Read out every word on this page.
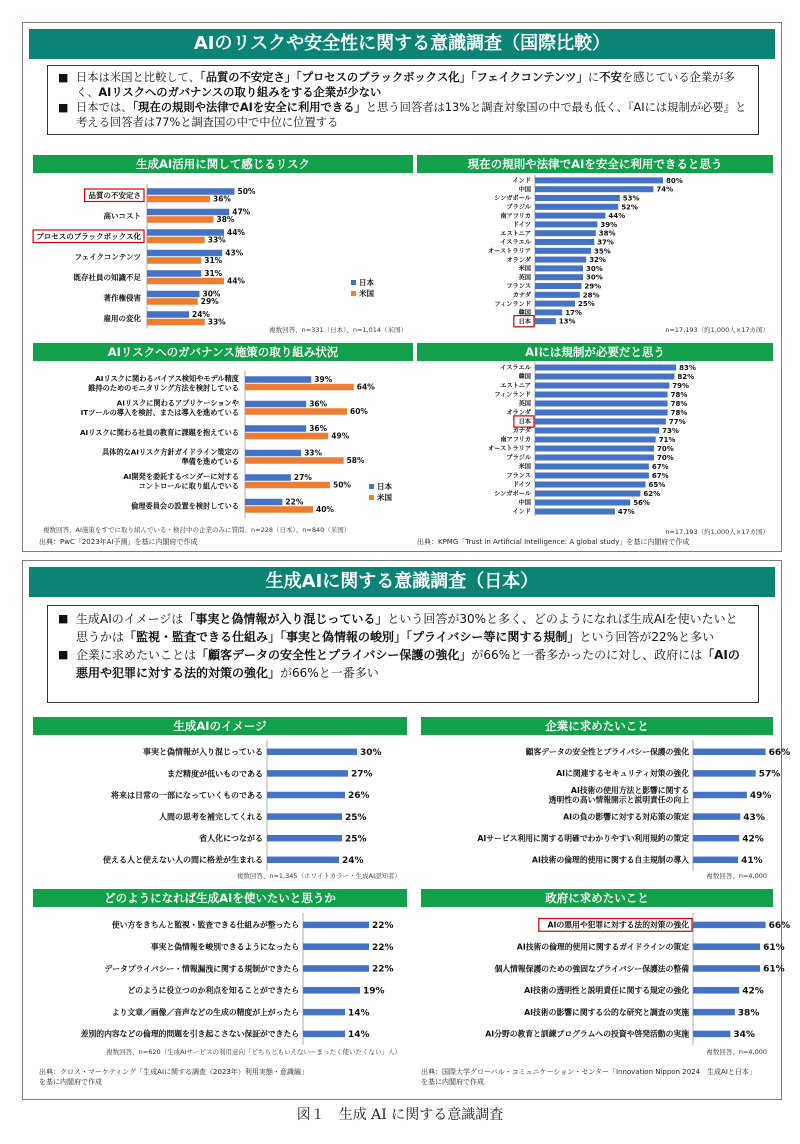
AIのリスクや安全性に関する意識調査（国際比較）
■ 日本は米国と比較して、「品質の不安定さ」「プロセスのブラックボックス化」「フェイクコンテンツ」に不安を感じている企業が多く、AIリスクへのガバナンスの取り組みをする企業が少ない
■ 日本では、「現在の規則や法律でAIを安全に利用できる」と思う回答者は13%と調査対象国の中で最も低く、『AIには規制が必要』と考える回答者は77%と調査国の中で中位に位置する
生成AI活用に関して感じるリスク
品質の不安定さ	50%
36%
高いコスト	47%
38%
プロセスのブラックボックス化	44%
33%
フェイクコンテンツ	43%
31%
既存社員の知識不足	31%
44%
著作権侵害	30%
29%
雇用の変化	24%
33%
日本
米国
複数回答、n=331（日本）、n=1,014（米国）
現在の規則や法律でAIを安全に利用できると思う
インド	80%
中国	74%
シンガポール	53%
ブラジル	52%
南アフリカ	44%
ドイツ	39%
エストニア	38%
イスラエル	37%
オーストラリア	35%
オランダ	32%
米国	30%
英国	30%
フランス	29%
カナダ	28%
フィンランド	25%
韓国	17%
日本	13%
n=17,193（約1,000人×17カ国）
AIリスクへのガバナンス施策の取り組み状況
AIリスクに関わるバイアス検知やモデル精度
維持のためのモニタリング方法を検討している
39%
64%
AIリスクに関わるアプリケーションや
ITツールの導入を検討、または導入を進めている
36%
60%
AIリスクに関わる社員の教育に課題を抱えている	36%
49%
具体的なAIリスク方針ガイドライン策定の
準備を進めている
33%
58%
AI開発を委託するベンダーに対する
コントロールに取り組んでいる
27%
50%
倫理委員会の設置を検討している	22%
40%
日本
米国
複数回答、AI施策をすでに取り組んでいる・検討中の企業のみに質問、n=228（日本）、n=840（米国）
AIには規制が必要だと思う
イスラエル	83%
韓国	82%
エストニア	79%
フィンランド	78%
英国	78%
オランダ	78%
日本	77%
カナダ	73%
南アフリカ	71%
オーストラリア	70%
ブラジル	70%
米国	67%
フランス	67%
ドイツ	65%
シンガポール	62%
中国	56%
インド	47%
n=17,193（約1,000人×17カ国）
出典：PwC「2023年AI予測」を基に内閣府で作成	出典：KPMG「Trust in Artificial Intelligence: A global study」を基に内閣府で作成
生成AIに関する意識調査（日本）
■ 生成AIのイメージは「事実と偽情報が入り混じっている」という回答が30%と多く、どのようになれば生成AIを使いたいと思うかは「監視・監査できる仕組み」「事実と偽情報の峻別」「プライバシー等に関する規制」という回答が22%と多い
■ 企業に求めたいことは「顧客データの安全性とプライバシー保護の強化」が66%と一番多かったのに対し、政府には「AIの悪用や犯罪に対する法的対策の強化」が66%と一番多い
生成AIのイメージ
事実と偽情報が入り混じっている	30%
まだ精度が低いものである	27%
将来は日常の一部になっていくものである	26%
人間の思考を補完してくれる	25%
省人化につながる	25%
使える人と使えない人の間に格差が生まれる	24%
複数回答、n=1,345（ホワイトカラー・生成AI認知者）
企業に求めたいこと
顧客データの安全性とプライバシー保護の強化	66%
AIに関連するセキュリティ対策の強化	57%
AI技術の使用方法と影響に関する
透明性の高い情報開示と説明責任の向上	49%
AIの負の影響に対する対応策の策定	43%
AIサービス利用に関する明確でわかりやすい利用規約の策定	42%
AI技術の倫理的使用に関する自主規制の導入	41%
複数回答、n=4,000
どのようになれば生成AIを使いたいと思うか
使い方をきちんと監視・監査できる仕組みが整ったら	22%
事実と偽情報を峻別できるようになったら	22%
データプライバシー・情報漏洩に関する規制ができたら	22%
どのように役立つのか利点を知ることができたら	19%
より文章／画像／音声などの生成の精度が上がったら	14%
差別的内容などの倫理的問題を引き起こさない保証ができたら	14%
複数回答、n=620（生成AIサービスの利用意向「どちらともいえない～まったく使いたくない」人）
政府に求めたいこと
AIの悪用や犯罪に対する法的対策の強化	66%
AI技術の倫理的使用に関するガイドラインの策定	61%
個人情報保護のための強固なプライバシー保護法の整備	61%
AI技術の透明性と説明責任に関する規定の強化	42%
AI技術の影響に関する公的な研究と調査の実施	38%
AI分野の教育と訓練プログラムへの投資や啓発活動の実施	34%
複数回答、n=4,000
出典：クロス・マーケティング「生成AIに関する調査（2023年）利用実態・意識編」
を基に内閣府で作成
出典：国際大学グローバル・コミュニケーション・センター「Innovation Nippon 2024　生成AIと日本」
を基に内閣府で作成
図１　生成 AI に関する意識調査
